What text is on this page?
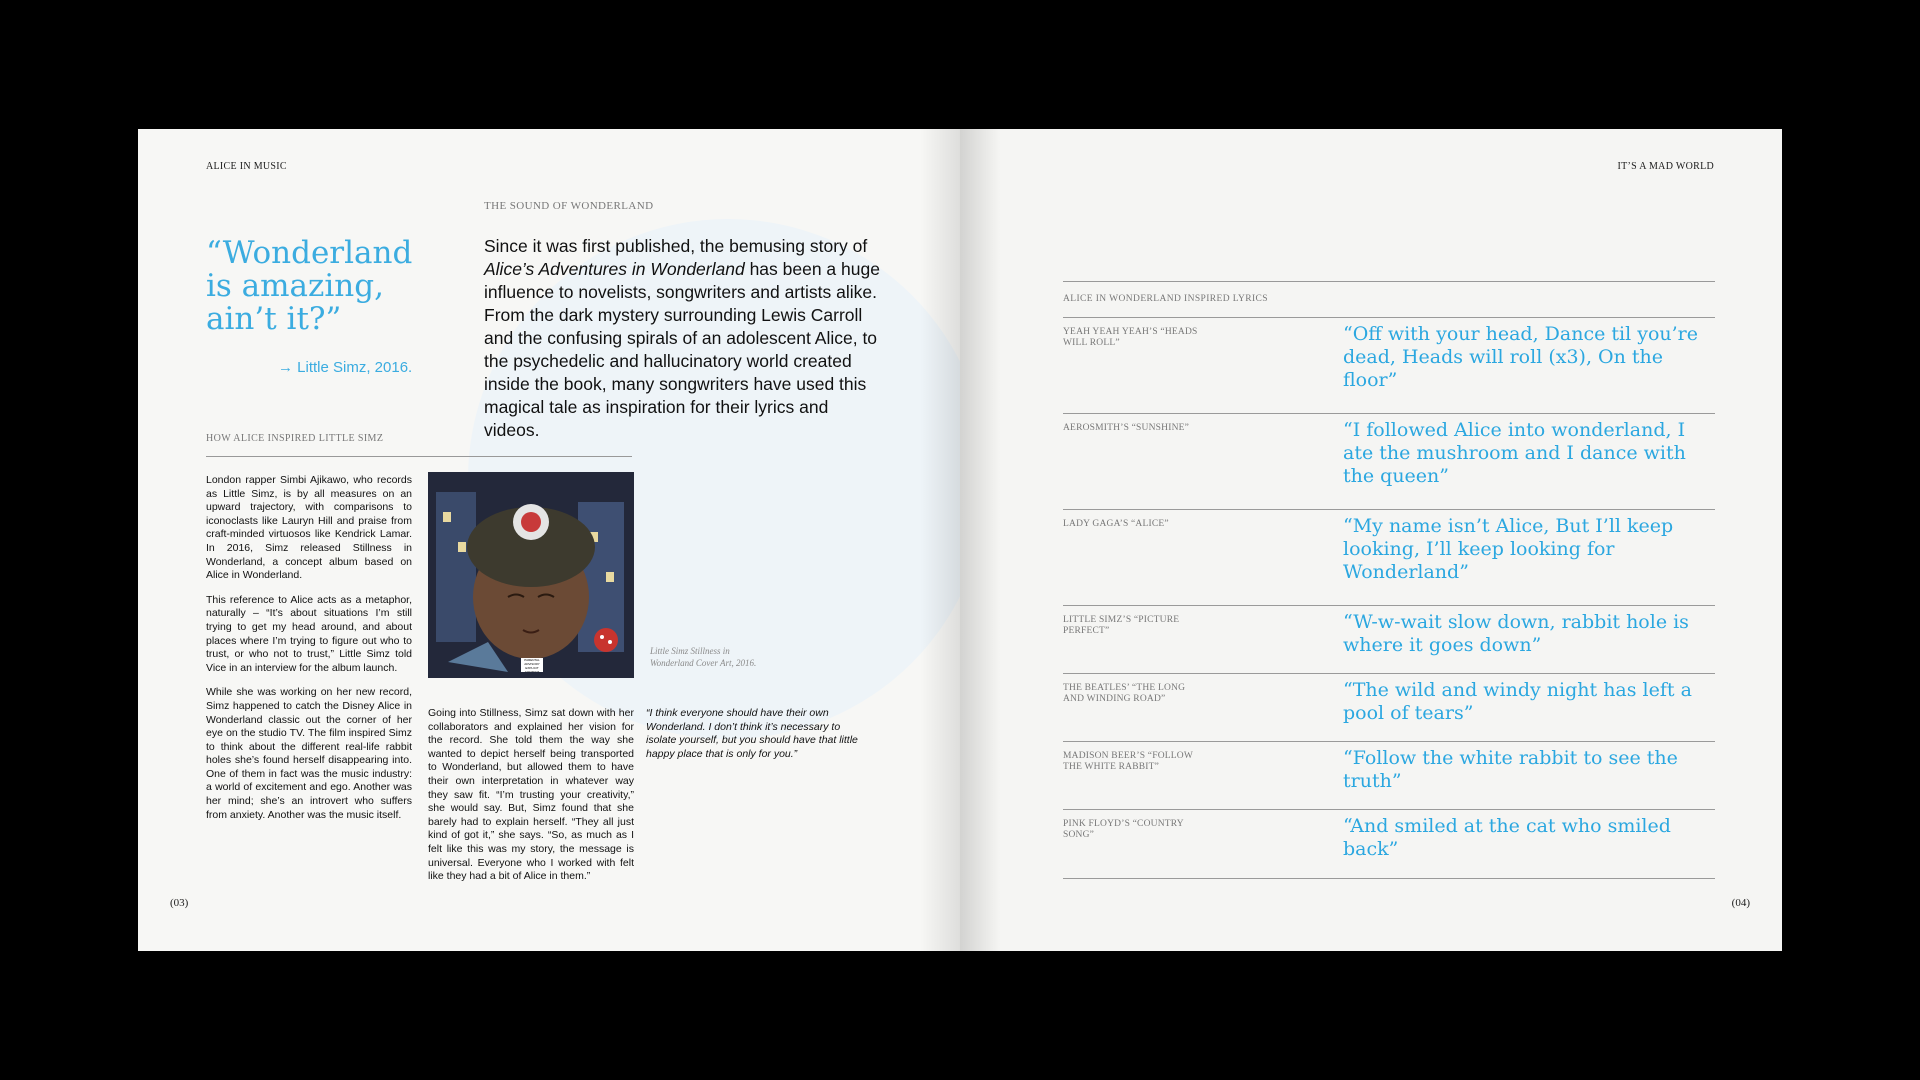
ALICE IN MUSIC
THE SOUND OF WONDERLAND
“Wonderland is amazing, ain’t it?”
→ Little Simz, 2016.
Since it was first published, the bemusing story of Alice’s Adventures in Wonderland has been a huge influence to novelists, songwriters and artists alike. From the dark mystery surrounding Lewis Carroll and the confusing spirals of an adolescent Alice, to the psychedelic and hallucinatory world created inside the book, many songwriters have used this magical tale as inspiration for their lyrics and videos.
HOW ALICE INSPIRED LITTLE SIMZ

London rapper Simbi Ajikawo, who records as Little Simz, is by all measures on an upward trajectory, with comparisons to iconoclasts like Lauryn Hill and praise from craft-minded virtuosos like Kendrick Lamar. In 2016, Simz released Stillness in Wonderland, a concept album based on Alice in Wonderland.

This reference to Alice acts as a metaphor, naturally – “It’s about situations I’m still trying to get my head around, and about places where I’m trying to figure out who to trust, or who not to trust,” Little Simz told Vice in an interview for the album launch.

While she was working on her new record, Simz happened to catch the Disney Alice in Wonderland classic out the corner of her eye on the studio TV. The film inspired Simz to think about the different real-life rabbit holes she’s found herself disappearing into. One of them in fact was the music industry: a world of excitement and ego. Another was her mind; she’s an introvert who suffers from anxiety. Another was the music itself.

PARENTAL ADVISORY EXPLICIT CONTENT
Little Simz Stillness in Wonderland Cover Art, 2016.

Going into Stillness, Simz sat down with her collaborators and explained her vision for the record. She told them the way she wanted to depict herself being transported to Wonderland, but allowed them to have their own interpretation in whatever way they saw fit. “I’m trusting your creativity,” she would say. But, Simz found that she barely had to explain herself. “They all just kind of got it,” she says. “So, as much as I felt like this was my story, the message is universal. Everyone who I worked with felt like they had a bit of Alice in them.”

“I think everyone should have their own Wonderland. I don’t think it’s necessary to isolate yourself, but you should have that little happy place that is only for you.”
(03)
IT’S A MAD WORLD
ALICE IN WONDERLAND INSPIRED LYRICS
YEAH YEAH YEAH’S “HEADS WILL ROLL”	“Off with your head, Dance til you’re dead, Heads will roll (x3), On the floor”
AEROSMITH’S “SUNSHINE”	“I followed Alice into wonderland, I ate the mushroom and I dance with the queen”
LADY GAGA’S “ALICE”	“My name isn’t Alice, But I’ll keep looking, I’ll keep looking for Wonderland”
LITTLE SIMZ’S “PICTURE PERFECT”	“W-w-wait slow down, rabbit hole is where it goes down”
THE BEATLES’ “THE LONG AND WINDING ROAD”	“The wild and windy night has left a pool of tears”
MADISON BEER’S “FOLLOW THE WHITE RABBIT”	“Follow the white rabbit to see the truth”
PINK FLOYD’S “COUNTRY SONG”	“And smiled at the cat who smiled back”
(04)
